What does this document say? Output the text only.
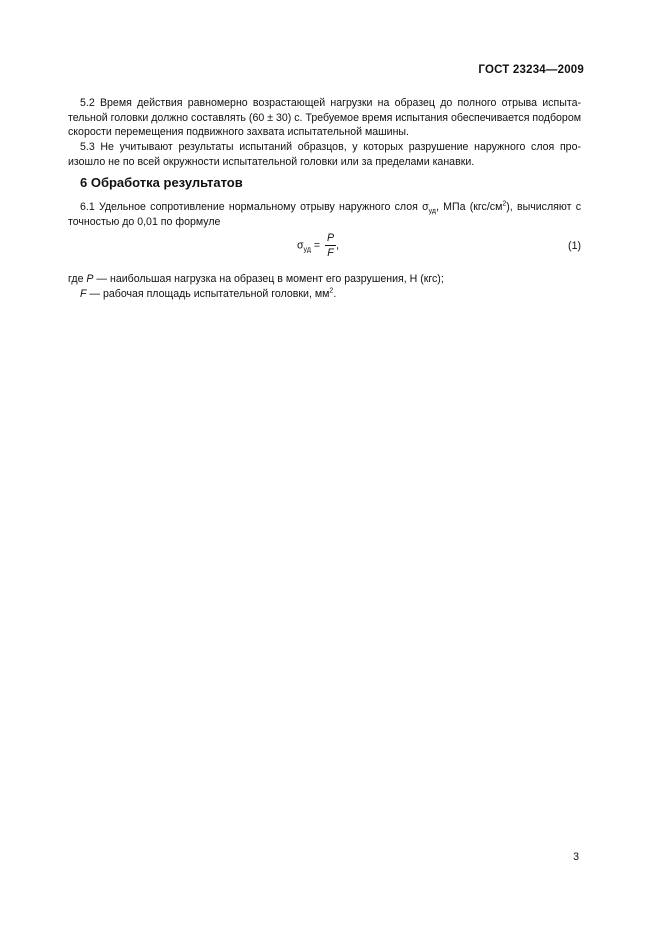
ГОСТ 23234—2009
5.2 Время действия равномерно возрастающей нагрузки на образец до полного отрыва испыта-
тельной головки должно составлять (60 ± 30) с. Требуемое время испытания обеспечивается подбором
скорости перемещения подвижного захвата испытательной машины.
5.3 Не учитывают результаты испытаний образцов, у которых разрушение наружного слоя про-
изошло не по всей окружности испытательной головки или за пределами канавки.
6 Обработка результатов
6.1 Удельное сопротивление нормальному отрыву наружного слоя $\sigma_{уд}$, МПа $(кгс/см^2)$, вычисляют с
точностью до 0,01 по формуле
$\sigma_{уд} = \frac{P}{F}$ ,	(1)
где P — наибольшая нагрузка на образец в момент его разрушения, Н (кгс);
F — рабочая площадь испытательной головки, $мм^2$.
3
